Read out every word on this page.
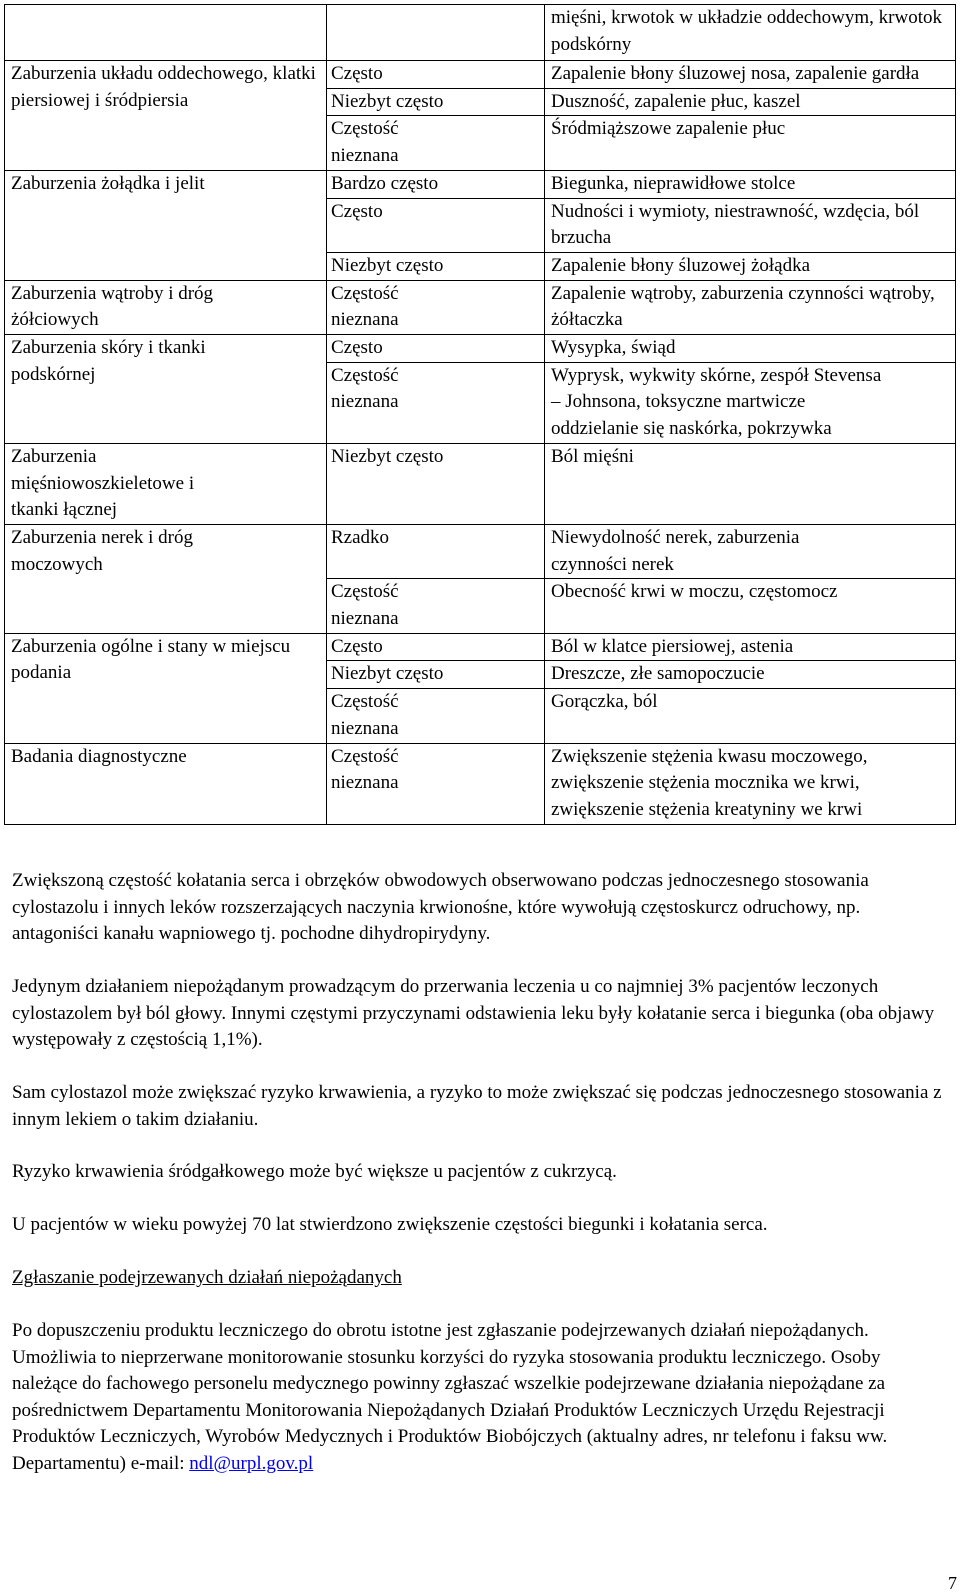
		mięśni, krwotok w układzie oddechowym, krwotok podskórny
Zaburzenia układu oddechowego, klatki piersiowej i śródpiersia	Często	Zapalenie błony śluzowej nosa, zapalenie gardła
	Niezbyt często	Duszność, zapalenie płuc, kaszel

	Częstość nieznana	Śródmiąższowe zapalenie płuc
Zaburzenia żołądka i jelit	Bardzo często	Biegunka, nieprawidłowe stolce
	Często	Nudności i wymioty, niestrawność, wzdęcia, ból brzucha
	Niezbyt często	Zapalenie błony śluzowej żołądka

Zaburzenia wątroby i dróg żółciowych	Częstość nieznana	Zapalenie wątroby, zaburzenia czynności wątroby, żółtaczka

Zaburzenia skóry i tkanki podskórnej	Często	Wysypka, świąd

	Częstość nieznana	Wyprysk, wykwity skórne, zespół Stevensa – Johnsona, toksyczne martwicze oddzielanie się naskórka, pokrzywka

Zaburzenia mięśniowoszkieletowe i tkanki łącznej	Niezbyt często	Ból mięśni

Zaburzenia nerek i dróg moczowych	Rzadko	Niewydolność nerek, zaburzenia czynności nerek

	Częstość nieznana	Obecność krwi w moczu, częstomocz

Zaburzenia ogólne i stany w miejscu podania	Często	Ból w klatce piersiowej, astenia
	Niezbyt często	Dreszcze, złe samopoczucie

	Częstość nieznana	Gorączka, ból
Badania diagnostyczne	Częstość nieznana	Zwiększenie stężenia kwasu moczowego, zwiększenie stężenia mocznika we krwi, zwiększenie stężenia kreatyniny we krwi

Zwiększoną częstość kołatania serca i obrzęków obwodowych obserwowano podczas jednoczesnego stosowania cylostazolu i innych leków rozszerzających naczynia krwionośne, które wywołują częstoskurcz odruchowy, np. antagoniści kanału wapniowego tj. pochodne dihydropirydyny.

Jedynym działaniem niepożądanym prowadzącym do przerwania leczenia u co najmniej 3% pacjentów leczonych cylostazolem był ból głowy. Innymi częstymi przyczynami odstawienia leku były kołatanie serca i biegunka (oba objawy występowały z częstością 1,1%).

Sam cylostazol może zwiększać ryzyko krwawienia, a ryzyko to może zwiększać się podczas jednoczesnego stosowania z innym lekiem o takim działaniu.

Ryzyko krwawienia śródgałkowego może być większe u pacjentów z cukrzycą.

U pacjentów w wieku powyżej 70 lat stwierdzono zwiększenie częstości biegunki i kołatania serca.

Zgłaszanie podejrzewanych działań niepożądanych

Po dopuszczeniu produktu leczniczego do obrotu istotne jest zgłaszanie podejrzewanych działań niepożądanych. Umożliwia to nieprzerwane monitorowanie stosunku korzyści do ryzyka stosowania produktu leczniczego. Osoby należące do fachowego personelu medycznego powinny zgłaszać wszelkie podejrzewane działania niepożądane za pośrednictwem Departamentu Monitorowania Niepożądanych Działań Produktów Leczniczych Urzędu Rejestracji Produktów Leczniczych, Wyrobów Medycznych i Produktów Biobójczych (aktualny adres, nr telefonu i faksu ww. Departamentu) e-mail: ndl@urpl.gov.pl

7
